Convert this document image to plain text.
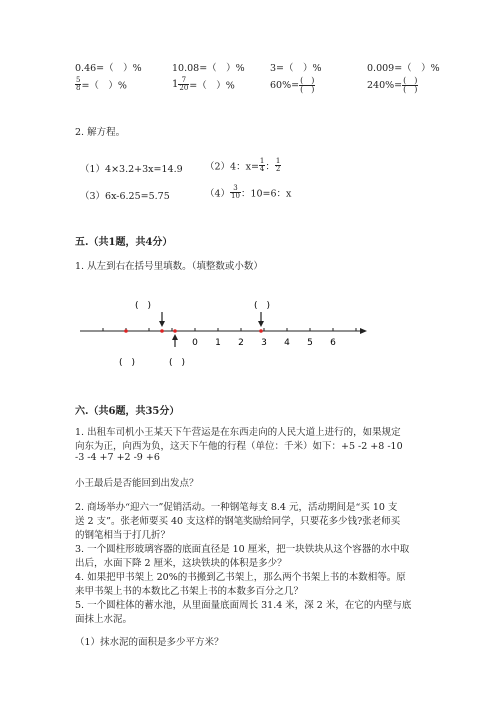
0.46=（　）%	10.08=（　）%	3=（　）%	0.009=（　）%
$\frac{5}{8}$ =（　）%	$1 \frac{7}{20}$ =（　）%	$60\%= \frac{( )}{( )}$	$240\%= \frac{( )}{( )}$
2. 解方程。
（1）4×3.2+3x=14.9 （2）4：$x= \frac{1}{4}$ ： $\frac{1}{2}$
（3）6x-6.25=5.75	$(4) \frac{3}{10}$ ：10=6：x
五.（共1题，共4分）
1. 从左到右在括号里填数。（填整数或小数）
(　)	(　)
0 1 2 3 4 5 6
(　)	(　)
六.（共6题，共35分）
1. 出租车司机小王某天下午营运是在东西走向的人民大道上进行的，如果规定
向东为正，向西为负，这天下午他的行程（单位：千米）如下：+5 -2 +8 -10
-3 -4 +7 +2 -9 +6
小王最后是否能回到出发点？
2. 商场举办“迎六一”促销活动。一种钢笔每支 8.4 元，活动期间是“买 10 支
送 2 支”。张老师要买 40 支这样的钢笔奖励给同学，只要花多少钱?张老师买
的钢笔相当于打几折？
3. 一个圆柱形玻璃容器的底面直径是 10 厘米，把一块铁块从这个容器的水中取
出后，水面下降 2 厘米，这块铁块的体积是多少？
4. 如果把甲书架上 20%的书搬到乙书架上，那么两个书架上书的本数相等。原
来甲书架上书的本数比乙书架上书的本数多百分之几？
5. 一个圆柱体的蓄水池，从里面量底面周长 31.4 米，深 2 米，在它的内壁与底
面抹上水泥。
（1）抹水泥的面积是多少平方米？
